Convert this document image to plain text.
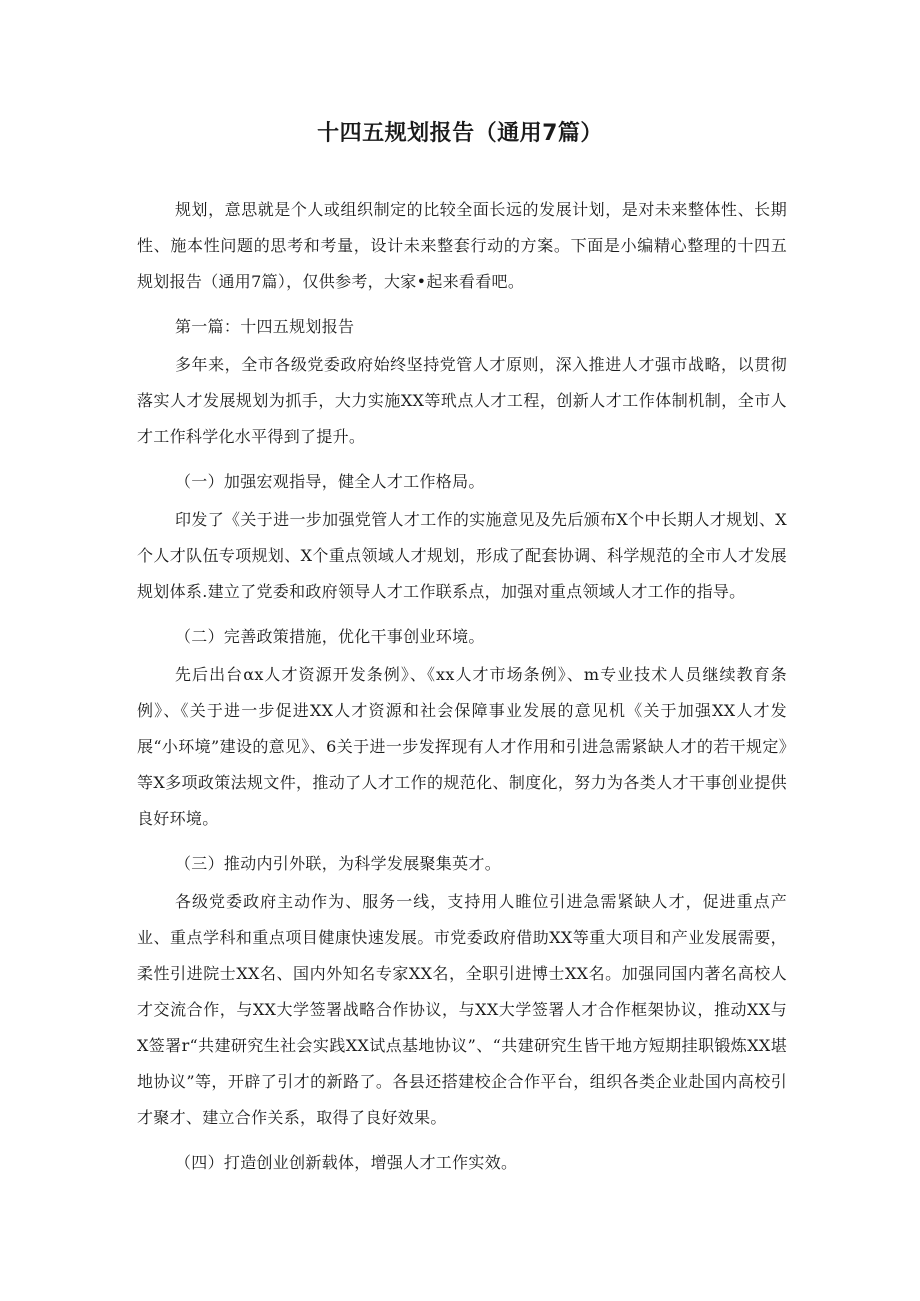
十四五规划报告（通用7篇）

规划，意思就是个人或组织制定的比较全面长远的发展计划，是对未来整体性、长期性、施本性问题的思考和考量，设计未来整套行动的方案。下面是小编精心整理的十四五规划报告（通用7篇），仅供参考，大家•起来看看吧。

第一篇：十四五规划报告

多年来，全市各级党委政府始终坚持党管人才原则，深入推进人才强市战略，以贯彻落实人才发展规划为抓手，大力实施XX等玳点人才工程，创新人才工作体制机制，全市人才工作科学化水平得到了提升。

（一）加强宏观指导，健全人才工作格局。

印发了《关于进一步加强党管人才工作的实施意见及先后颁布X个中长期人才规划、X个人才队伍专项规划、X个重点领域人才规划，形成了配套协调、科学规范的全市人才发展规划体系.建立了党委和政府领导人才工作联系点，加强对重点领域人才工作的指导。

（二）完善政策措施，优化干事创业环境。

先后出台αx人才资源开发条例》、《xx人才市场条例》、m专业技术人员继续教育条例》、《关于进一步促进XX人才资源和社会保障事业发展的意见机《关于加强XX人才发展“小环境”建设的意见》、6关于进一步发挥现有人才作用和引进急需紧缺人才的若干规定》等X多项政策法规文件，推动了人才工作的规范化、制度化，努力为各类人才干事创业提供良好环境。

（三）推动内引外联，为科学发展聚集英才。

各级党委政府主动作为、服务一线，支持用人睢位引进急需紧缺人才，促进重点产业、重点学科和重点项目健康快速发展。市党委政府借助XX等重大项目和产业发展需要，柔性引进院士XX名、国内外知名专家XX名，全职引进博士XX名。加强同国内著名高校人才交流合作，与XX大学签署战略合作协议，与XX大学签署人才合作框架协议，推动XX与X签署r“共建研究生社会实践XX试点基地协议”、“共建研究生皆干地方短期挂职锻炼XX堪地协议”等，开辟了引才的新路了。各县还搭建校企合作平台，组织各类企业赴国内高校引才聚才、建立合作关系，取得了良好效果。

（四）打造创业创新载体，增强人才工作实效。
